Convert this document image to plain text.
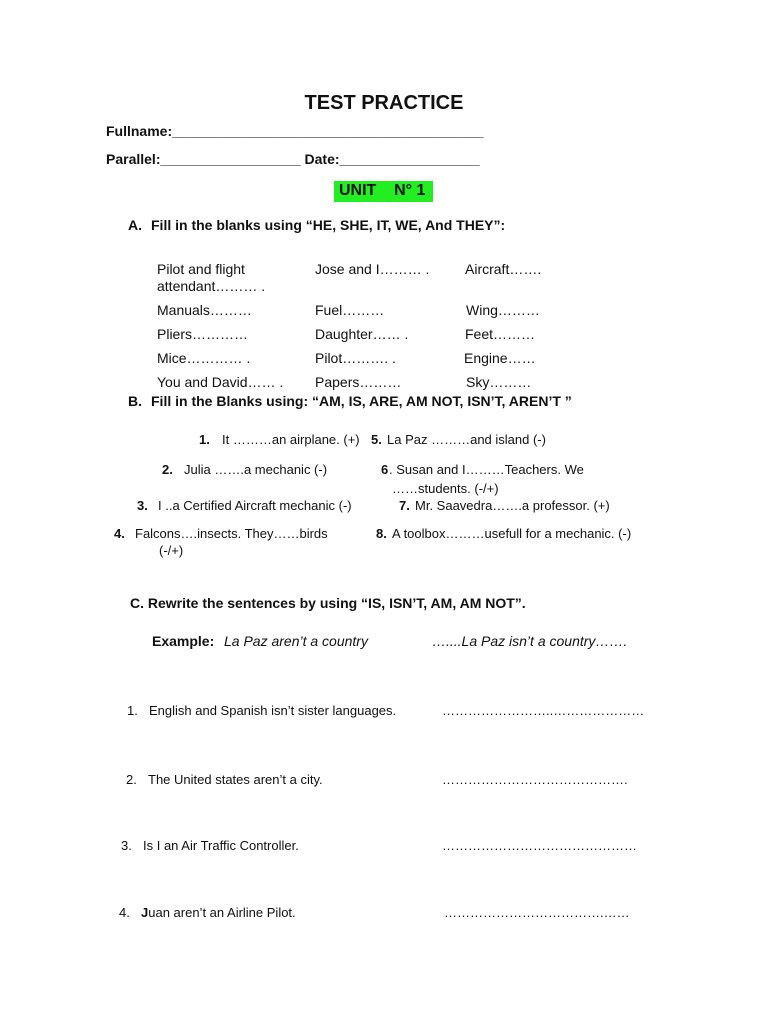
TEST PRACTICE
Fullname:________________________________________
Parallel:__________________ Date:__________________
UNIT    N° 1
A. Fill in the blanks using “HE, SHE, IT, WE, And THEY”:
Pilot and flight	Jose and I……… .	Aircraft…….
attendant……… .
Manuals………	Fuel………	Wing………
Pliers…………	Daughter…… .	Feet………
Mice………… .	Pilot………. .	Engine……
You and David…… . Papers………	Sky………
B. Fill in the Blanks using: “AM, IS, ARE, AM NOT, ISN’T, AREN’T ”
1. It ………an airplane. (+) 5. La Paz ………and island (-)
2. Julia …….a mechanic (-)	6 . Susan and I………Teachers. We
……students. (-/+)
3. I ..a Certified Aircraft mechanic (-)	7. Mr. Saavedra…….a professor. (+)
4. Falcons….insects. They……birds
(-/+)
8. A toolbox………usefull for a mechanic. (-)
C. Rewrite the sentences by using “IS, ISN’T, AM, AM NOT”.
Example: La Paz aren’t a country	…....La Paz isn’t a country…….
1. English and Spanish isn’t sister languages.	……………………..…………………
2. The United states aren’t a city.	…………………………………….
3. Is I an Air Traffic Controller.	………………………………………
4. Juan aren’t an Airline Pilot.	……………………………….……
